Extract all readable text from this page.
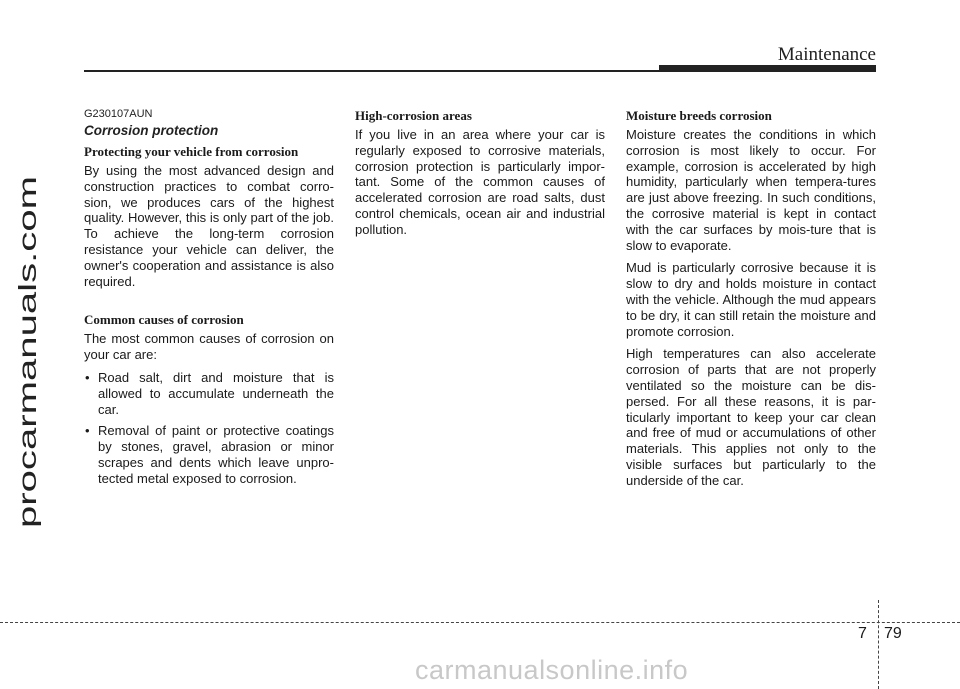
Maintenance
procarmanuals.com
G230107AUN
Corrosion protection
Protecting your vehicle from corrosion

By using the most advanced design and construction practices to combat corro-sion, we produces cars of the highest quality. However, this is only part of the job. To achieve the long-term corrosion resistance your vehicle can deliver, the owner's cooperation and assistance is also required.

Common causes of corrosion

The most common causes of corrosion on your car are:

• Road salt, dirt and moisture that is allowed to accumulate underneath the car.
• Removal of paint or protective coatings by stones, gravel, abrasion or minor scrapes and dents which leave unpro-tected metal exposed to corrosion.
High-corrosion areas

If you live in an area where your car is regularly exposed to corrosive materials, corrosion protection is particularly impor-tant. Some of the common causes of accelerated corrosion are road salts, dust control chemicals, ocean air and industrial pollution.

Moisture breeds corrosion

Moisture creates the conditions in which corrosion is most likely to occur. For example, corrosion is accelerated by high humidity, particularly when tempera-tures are just above freezing. In such conditions, the corrosive material is kept in contact with the car surfaces by mois-ture that is slow to evaporate.

Mud is particularly corrosive because it is slow to dry and holds moisture in contact with the vehicle. Although the mud appears to be dry, it can still retain the moisture and promote corrosion.

High temperatures can also accelerate corrosion of parts that are not properly ventilated so the moisture can be dis-persed. For all these reasons, it is par-ticularly important to keep your car clean and free of mud or accumulations of other materials. This applies not only to the visible surfaces but particularly to the underside of the car.

7 79
carmanualsonline.info
